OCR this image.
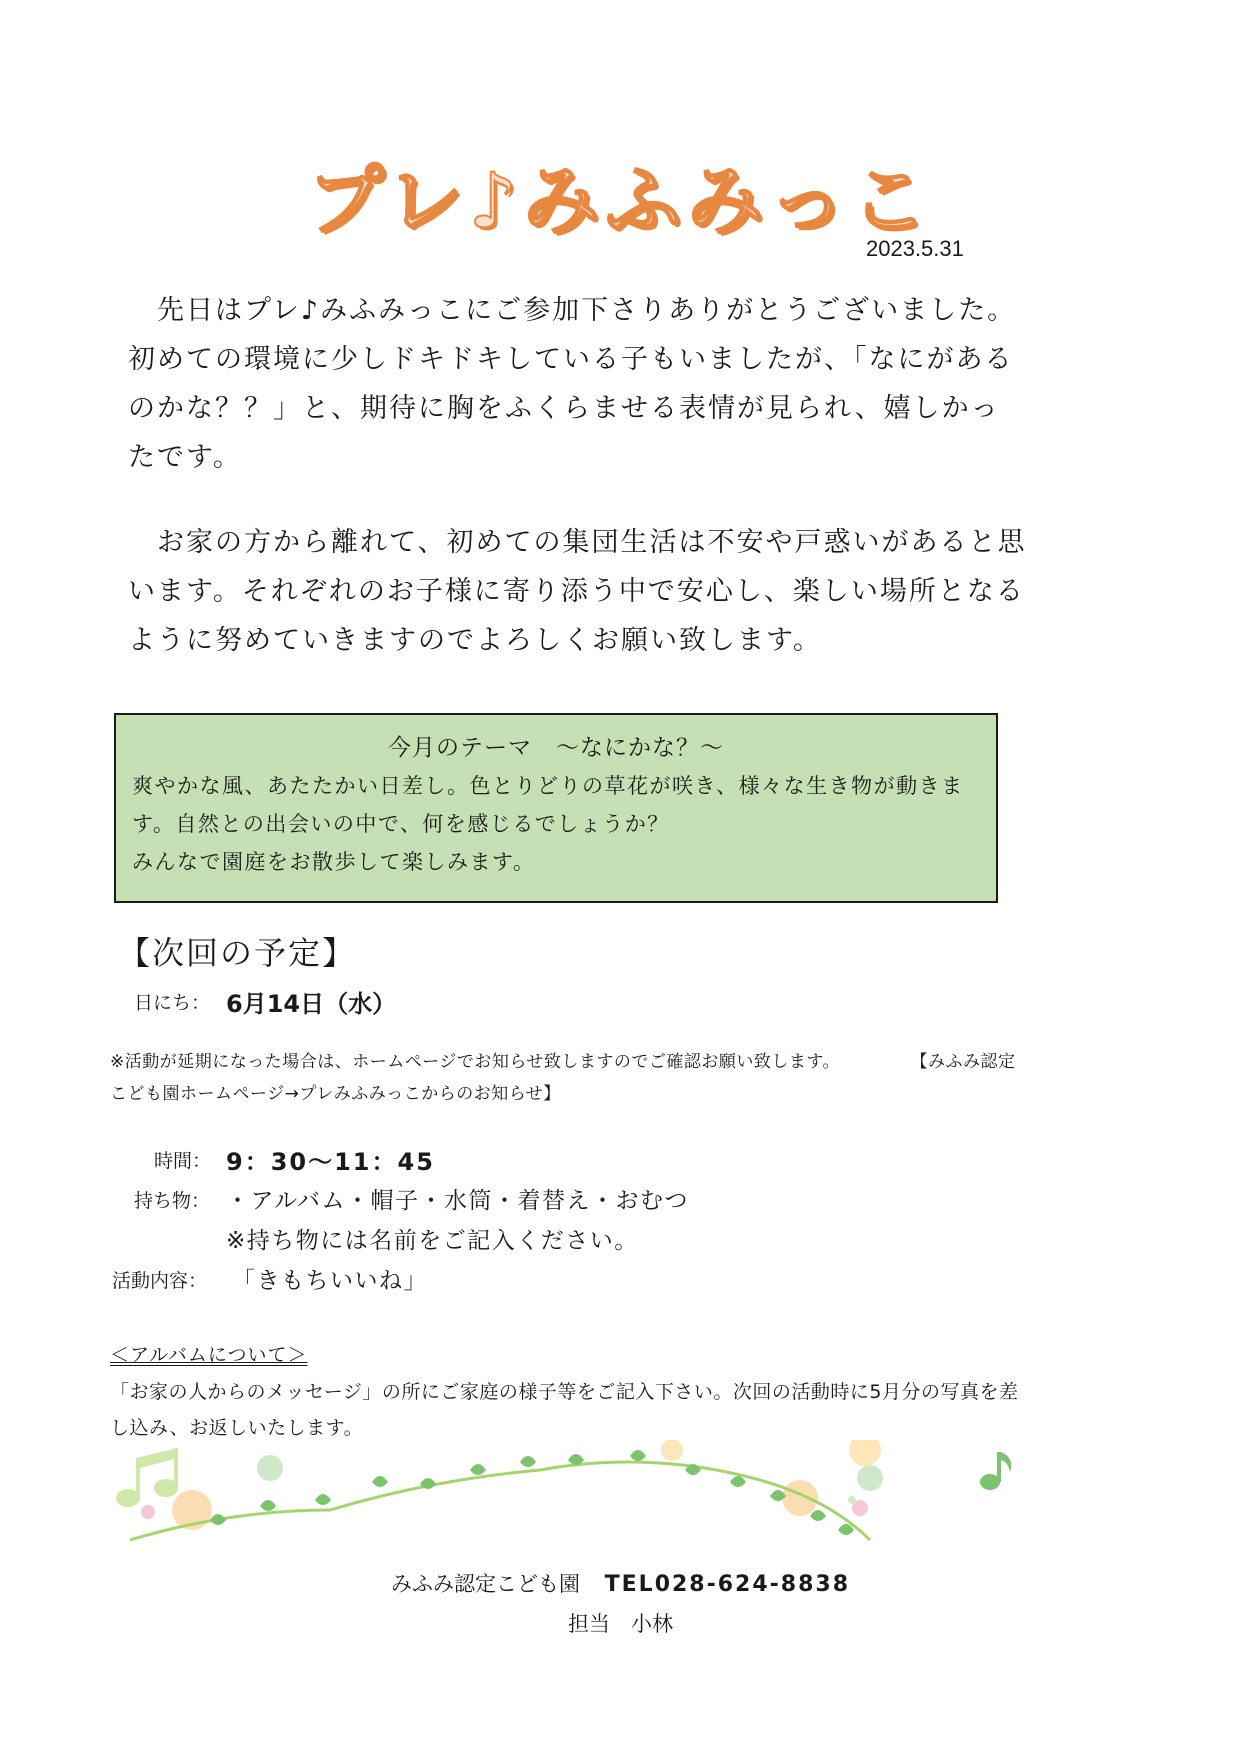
プレ♪みふみっこ
2023.5.31
　先日はプレ♪みふみっこにご参加下さりありがとうございました。初めての環境に少しドキドキしている子もいましたが、「なにがあるのかな？？」と、期待に胸をふくらませる表情が見られ、嬉しかったです。
　お家の方から離れて、初めての集団生活は不安や戸惑いがあると思います。それぞれのお子様に寄り添う中で安心し、楽しい場所となるように努めていきますのでよろしくお願い致します。
今月のテーマ　～なにかな？～
爽やかな風、あたたかい日差し。色とりどりの草花が咲き、様々な生き物が動きます。自然との出会いの中で、何を感じるでしょうか？
みんなで園庭をお散歩して楽しみます。
【次回の予定】
日にち： 6月14日（水）
※活動が延期になった場合は、ホームページでお知らせ致しますのでご確認お願い致します。　　　　　【みふみ認定こども園ホームページ→プレみふみっこからのお知らせ】
時間： 9：30～11：45
持ち物： ・アルバム・帽子・水筒・着替え・おむつ
※持ち物には名前をご記入ください。
活動内容： 「きもちいいね」
＜アルバムについて＞
「お家の人からのメッセージ」の所にご家庭の様子等をご記入下さい。次回の活動時に5月分の写真を差し込み、お返しいたします。
みふみ認定こども園 TEL028-624-8838
担当　小林
